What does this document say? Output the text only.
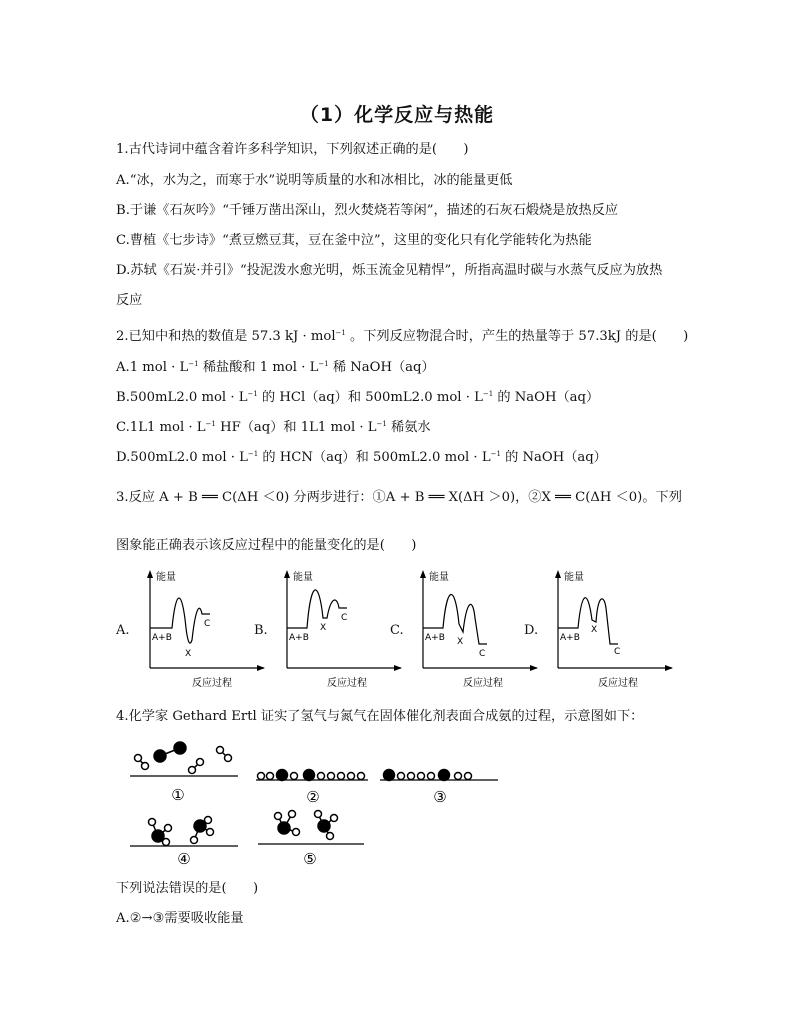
（1）化学反应与热能
1.古代诗词中蕴含着许多科学知识，下列叙述正确的是(　　)
A.“冰，水为之，而寒于水”说明等质量的水和冰相比，冰的能量更低
B.于谦《石灰吟》“千锤万凿出深山，烈火焚烧若等闲”，描述的石灰石煅烧是放热反应
C.曹植《七步诗》“煮豆燃豆萁，豆在釜中泣”，这里的变化只有化学能转化为热能
D.苏轼《石炭·并引》“投泥泼水愈光明，烁玉流金见精悍”，所指高温时碳与水蒸气反应为放热
反应
2.已知中和热的数值是 57.3 kJ · mol$^{-1}$ 。下列反应物混合时，产生的热量等于 57.3kJ 的是(　　)
A.1 mol · $L^{-1}$ 稀盐酸和 1 mol · $L^{-1}$ 稀 NaOH（aq）
B.500mL2.0 mol · $L^{-1}$ 的 HCl（aq）和 500mL2.0 mol · $L^{-1}$ 的 NaOH（aq）
C.1L1 mol · $L^{-1}$ HF（aq）和 1L1 mol · $L^{-1}$ 稀氨水
D.500mL2.0 mol · $L^{-1}$ 的 HCN（aq）和 500mL2.0 mol · $L^{-1}$ 的 NaOH（aq）
3.反应 A + B ══ C(ΔH ＜0) 分两步进行：①A + B ══ X(ΔH ＞0)，②X ══ C(ΔH ＜0)。下列
图象能正确表示该反应过程中的能量变化的是(　　)
A.	B.	C.	D.
能量
A+B
X
C
反应过程
能量
A+B
X
C
反应过程
能量
A+B X
C
反应过程
能量
A+B
X
C
反应过程
4.化学家 Gethard Ertl 证实了氢气与氮气在固体催化剂表面合成氨的过程，示意图如下：
①	②	③
④	⑤
下列说法错误的是(　　)
A.②→③需要吸收能量
